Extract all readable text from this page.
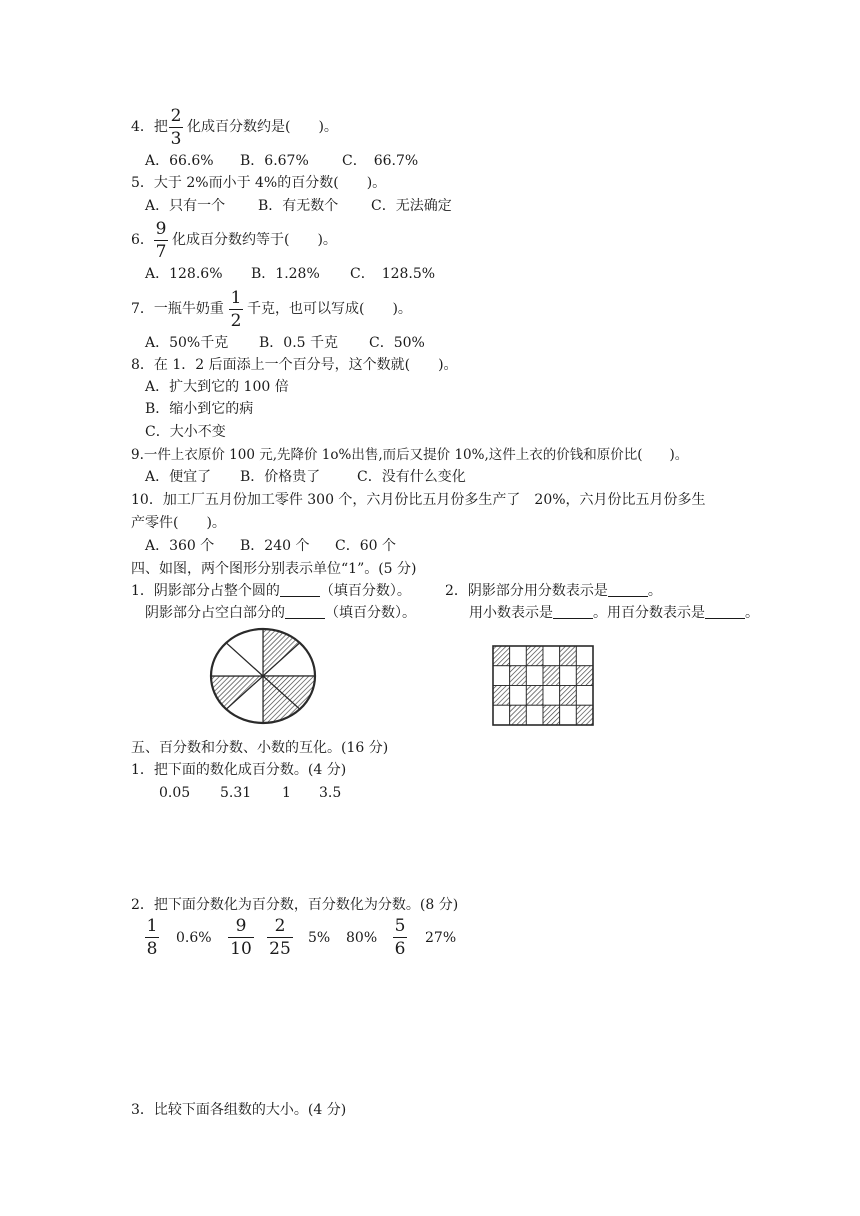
4．把
2
3
化成百分数约是(　　)。
A．66.6% B．6.67% C．　66.7%
5．大于 2%而小于 4%的百分数(　　)。
A．只有一个 B．有无数个 C．无法确定
6．
9
7
化成百分数约等于(　　)。
A．128.6% B．1.28% C．　128.5%
7．一瓶牛奶重
1
2
千克，也可以写成(　　)。
A．50%千克 B．0.5 千克 C．50%
8．在 1．2 后面添上一个百分号，这个数就(　　)。
A．扩大到它的 100 倍
B．缩小到它的病
C．大小不变
9.一件上衣原价 100 元,先降价 1o%出售,而后又提价 10%,这件上衣的价钱和原价比(　　)。
A．便宜了 B．价格贵了	C．没有什么变化
10．加工厂五月份加工零件 300 个，六月份比五月份多生产了　20%，六月份比五月份多生
产零件(　　)。
A．360 个 B．240 个 C．60 个
四、如图，两个图形分别表示单位“1”。(5 分)
1．阴影部分占整个圆的	（填百分数）。 2．阴影部分用分数表示是	。
阴影部分占空白部分的	（填百分数）。	用小数表示是	。用百分数表示是	。
五、百分数和分数、小数的互化。(16 分)
1．把下面的数化成百分数。(4 分)
0.05 5.31 1 3.5
2．把下面分数化为百分数，百分数化为分数。(8 分)
1
8
0.6%
9
10
2
25
5% 80%
5
6
27%
3．比较下面各组数的大小。(4 分)
